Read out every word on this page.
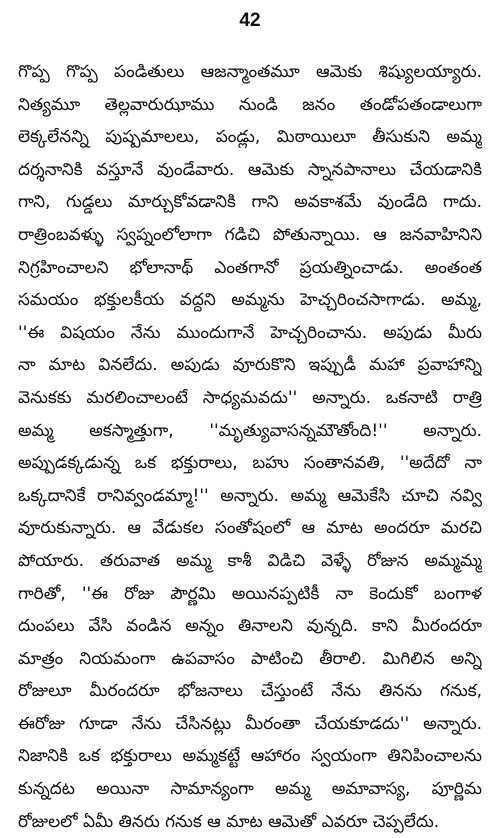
42
గొప్ప గొప్ప పండితులు ఆజన్మాంతమూ ఆమెకు శిష్యులయ్యారు.
నిత్యమూ తెల్లవారుఝాము నుండి జనం తండోపతండాలుగా
లెక్కలేనన్ని పుష్పమాలలు, పండ్లు, మిఠాయిలూ తీసుకుని అమ్మ
దర్శనానికి వస్తూనే వుండేవారు. ఆమెకు స్నానపానాలు చేయడానికి
గాని, గుడ్డలు మార్చుకోవడానికి గాని అవకాశమే వుండేది గాదు.
రాత్రింబవళ్ళు స్వప్నంలోలాగా గడిచి పోతున్నాయి. ఆ జనవాహినిని
నిగ్రహించాలని భోలానాథ్ ఎంతగానో ప్రయత్నించాడు. అంతంత
సమయం భక్తులకీయ వద్దని అమ్మను హెచ్చరించసాగాడు. అమ్మ,
''ఈ విషయం నేను ముందుగానే హెచ్చరించాను. అపుడు మీరు
నా మాట వినలేదు. అపుడు వూరుకొని ఇప్పుడీ మహా ప్రవాహాన్ని
వెనుకకు మరలించాలంటే సాధ్యమవదు'' అన్నారు. ఒకనాటి రాత్రి
అమ్మ అకస్మాత్తుగా, ''మృత్యువాసన్నమౌతోంది!'' అన్నారు.
అప్పుడక్కడున్న ఒక భక్తురాలు, బహు సంతానవతి, ''అదేదో నా
ఒక్కదానికే రానివ్వండమ్మా!'' అన్నారు. అమ్మ ఆమెకేసి చూచి నవ్వి
వూరుకున్నారు. ఆ వేడుకల సంతోషంలో ఆ మాట అందరూ మరచి
పోయారు. తరువాత అమ్మ కాశీ విడిచి వెళ్ళే రోజున అమ్మమ్మ
గారితో, ''ఈ రోజు పౌర్ణమి అయినప్పటికీ నా కెందుకో బంగాళ
దుంపలు వేసి వండిన అన్నం తినాలని వున్నది. కాని మీరందరూ
మాత్రం నియమంగా ఉపవాసం పాటించి తీరాలి. మిగిలిన అన్ని
రోజులూ మీరందరూ భోజనాలు చేస్తుంటే నేను తినను గనుక,
ఈరోజు గూడా నేను చేసినట్లు మీరంతా చేయకూడదు'' అన్నారు.
నిజానికి ఒక భక్తురాలు అమ్మకట్టే ఆహారం స్వయంగా తినిపించాలను
కున్నదట అయినా సామాన్యంగా అమ్మ అమావాస్య, పూర్ణిమ
రోజులలో ఏమీ తినరు గనుక ఆ మాట ఆమెతో ఎవరూ చెప్పలేదు.
